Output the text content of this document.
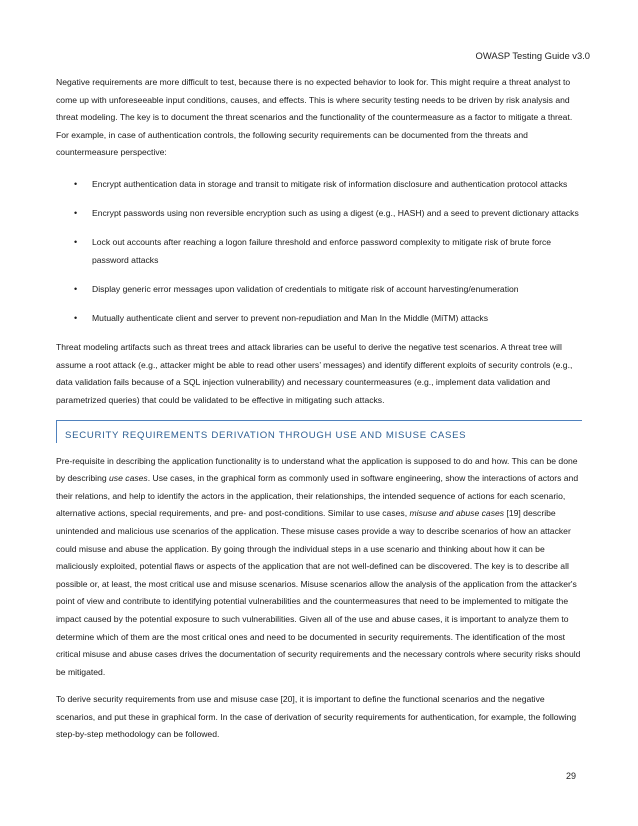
OWASP Testing Guide v3.0

Negative requirements are more difficult to test, because there is no expected behavior to look for. This might require a threat analyst to come up with unforeseeable input conditions, causes, and effects. This is where security testing needs to be driven by risk analysis and threat modeling. The key is to document the threat scenarios and the functionality of the countermeasure as a factor to mitigate a threat. For example, in case of authentication controls, the following security requirements can be documented from the threats and countermeasure perspective:

• Encrypt authentication data in storage and transit to mitigate risk of information disclosure and authentication protocol attacks
• Encrypt passwords using non reversible encryption such as using a digest (e.g., HASH) and a seed to prevent dictionary attacks
• Lock out accounts after reaching a logon failure threshold and enforce password complexity to mitigate risk of brute force password attacks
• Display generic error messages upon validation of credentials to mitigate risk of account harvesting/enumeration
• Mutually authenticate client and server to prevent non-repudiation and Man In the Middle (MiTM) attacks

Threat modeling artifacts such as threat trees and attack libraries can be useful to derive the negative test scenarios. A threat tree will assume a root attack (e.g., attacker might be able to read other users’ messages) and identify different exploits of security controls (e.g., data validation fails because of a SQL injection vulnerability) and necessary countermeasures (e.g., implement data validation and parametrized queries) that could be validated to be effective in mitigating such attacks.

SECURITY REQUIREMENTS DERIVATION THROUGH USE AND MISUSE CASES

Pre-requisite in describing the application functionality is to understand what the application is supposed to do and how. This can be done by describing use cases. Use cases, in the graphical form as commonly used in software engineering, show the interactions of actors and their relations, and help to identify the actors in the application, their relationships, the intended sequence of actions for each scenario, alternative actions, special requirements, and pre- and post-conditions. Similar to use cases, misuse and abuse cases [19] describe unintended and malicious use scenarios of the application. These misuse cases provide a way to describe scenarios of how an attacker could misuse and abuse the application. By going through the individual steps in a use scenario and thinking about how it can be maliciously exploited, potential flaws or aspects of the application that are not well-defined can be discovered. The key is to describe all possible or, at least, the most critical use and misuse scenarios. Misuse scenarios allow the analysis of the application from the attacker's point of view and contribute to identifying potential vulnerabilities and the countermeasures that need to be implemented to mitigate the impact caused by the potential exposure to such vulnerabilities. Given all of the use and abuse cases, it is important to analyze them to determine which of them are the most critical ones and need to be documented in security requirements. The identification of the most critical misuse and abuse cases drives the documentation of security requirements and the necessary controls where security risks should be mitigated.

To derive security requirements from use and misuse case [20], it is important to define the functional scenarios and the negative scenarios, and put these in graphical form. In the case of derivation of security requirements for authentication, for example, the following step-by-step methodology can be followed.

29
